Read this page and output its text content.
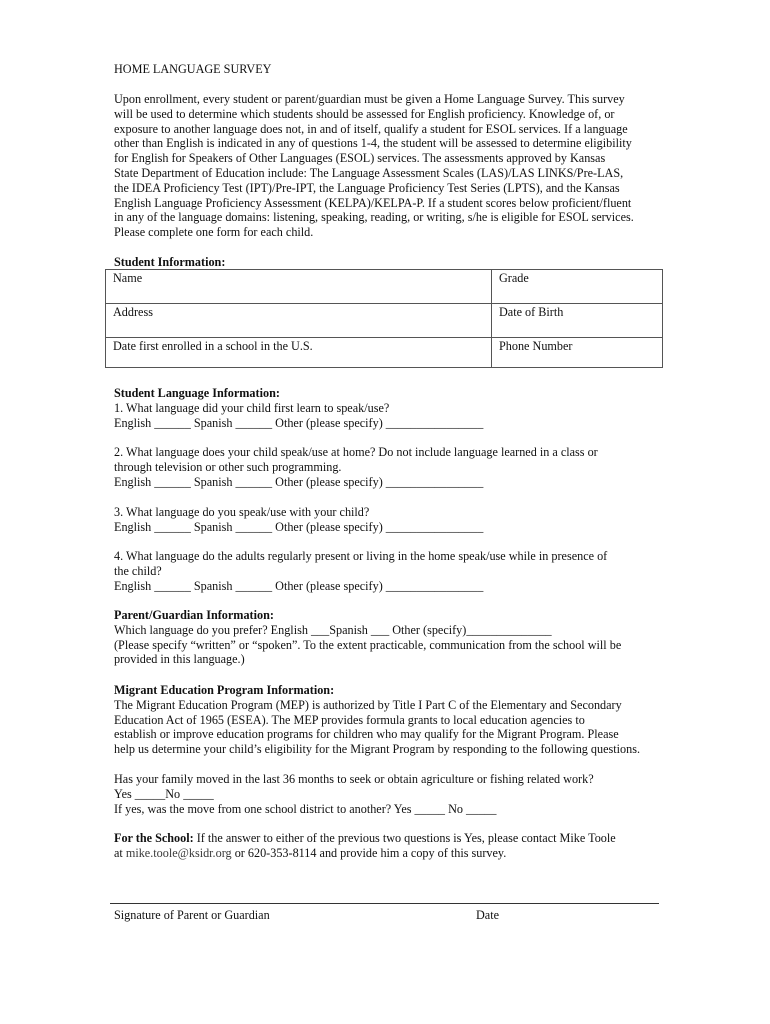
HOME LANGUAGE SURVEY
Upon enrollment, every student or parent/guardian must be given a Home Language Survey. This survey
will be used to determine which students should be assessed for English proficiency. Knowledge of, or
exposure to another language does not, in and of itself, qualify a student for ESOL services. If a language
other than English is indicated in any of questions 1-4, the student will be assessed to determine eligibility
for English for Speakers of Other Languages (ESOL) services. The assessments approved by Kansas
State Department of Education include: The Language Assessment Scales (LAS)/LAS LINKS/Pre-LAS,
the IDEA Proficiency Test (IPT)/Pre-IPT, the Language Proficiency Test Series (LPTS), and the Kansas
English Language Proficiency Assessment (KELPA)/KELPA-P. If a student scores below proficient/fluent
in any of the language domains: listening, speaking, reading, or writing, s/he is eligible for ESOL services.
Please complete one form for each child.
Student Information:
Name	Grade
Address	Date of Birth
Date first enrolled in a school in the U.S.	Phone Number
Student Language Information:
1. What language did your child first learn to speak/use?
English ______ Spanish ______ Other (please specify) ________________
2. What language does your child speak/use at home? Do not include language learned in a class or
through television or other such programming.
English ______ Spanish ______ Other (please specify) ________________
3. What language do you speak/use with your child?
English ______ Spanish ______ Other (please specify) ________________
4. What language do the adults regularly present or living in the home speak/use while in presence of
the child?
English ______ Spanish ______ Other (please specify) ________________
Parent/Guardian Information:
Which language do you prefer? English ___Spanish ___ Other (specify)______________
(Please specify “written” or “spoken”. To the extent practicable, communication from the school will be
provided in this language.)
Migrant Education Program Information:
The Migrant Education Program (MEP) is authorized by Title I Part C of the Elementary and Secondary
Education Act of 1965 (ESEA). The MEP provides formula grants to local education agencies to
establish or improve education programs for children who may qualify for the Migrant Program. Please
help us determine your child’s eligibility for the Migrant Program by responding to the following questions.
Has your family moved in the last 36 months to seek or obtain agriculture or fishing related work?
Yes _____No _____
If yes, was the move from one school district to another? Yes _____ No _____
For the School: If the answer to either of the previous two questions is Yes, please contact Mike Toole
at mike.toole@ksidr.org or 620-353-8114 and provide him a copy of this survey.
Signature of Parent or Guardian	Date
